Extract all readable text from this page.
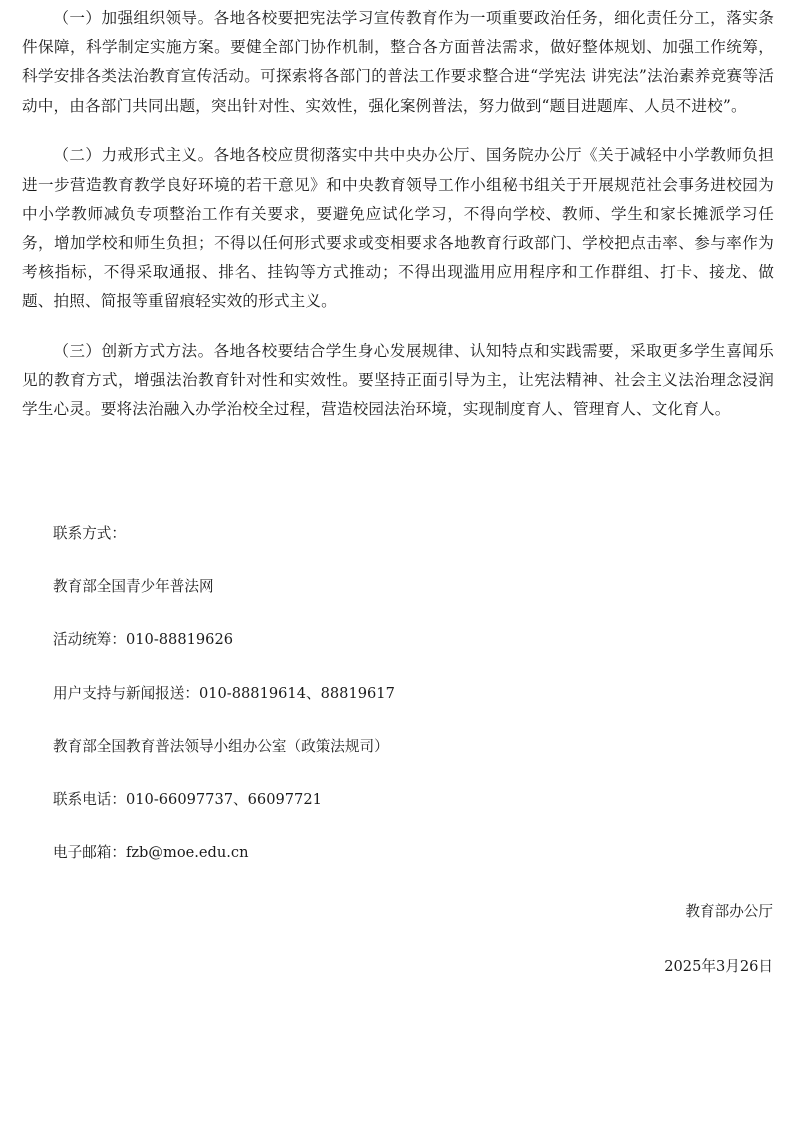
（一）加强组织领导。各地各校要把宪法学习宣传教育作为一项重要政治任务，细化责任分工，落实条件保障，科学制定实施方案。要健全部门协作机制，整合各方面普法需求，做好整体规划、加强工作统筹，科学安排各类法治教育宣传活动。可探索将各部门的普法工作要求整合进“学宪法 讲宪法”法治素养竞赛等活动中，由各部门共同出题，突出针对性、实效性，强化案例普法，努力做到“题目进题库、人员不进校”。

（二）力戒形式主义。各地各校应贯彻落实中共中央办公厅、国务院办公厅《关于减轻中小学教师负担进一步营造教育教学良好环境的若干意见》和中央教育领导工作小组秘书组关于开展规范社会事务进校园为中小学教师减负专项整治工作有关要求，要避免应试化学习，不得向学校、教师、学生和家长摊派学习任务，增加学校和师生负担；不得以任何形式要求或变相要求各地教育行政部门、学校把点击率、参与率作为考核指标，不得采取通报、排名、挂钩等方式推动；不得出现滥用应用程序和工作群组、打卡、接龙、做题、拍照、简报等重留痕轻实效的形式主义。

（三）创新方式方法。各地各校要结合学生身心发展规律、认知特点和实践需要，采取更多学生喜闻乐见的教育方式，增强法治教育针对性和实效性。要坚持正面引导为主，让宪法精神、社会主义法治理念浸润学生心灵。要将法治融入办学治校全过程，营造校园法治环境，实现制度育人、管理育人、文化育人。

联系方式：
教育部全国青少年普法网
活动统筹：010-88819626
用户支持与新闻报送：010-88819614、88819617
教育部全国教育普法领导小组办公室（政策法规司）
联系电话：010-66097737、66097721
电子邮箱：fzb@moe.edu.cn
教育部办公厅
2025年3月26日
